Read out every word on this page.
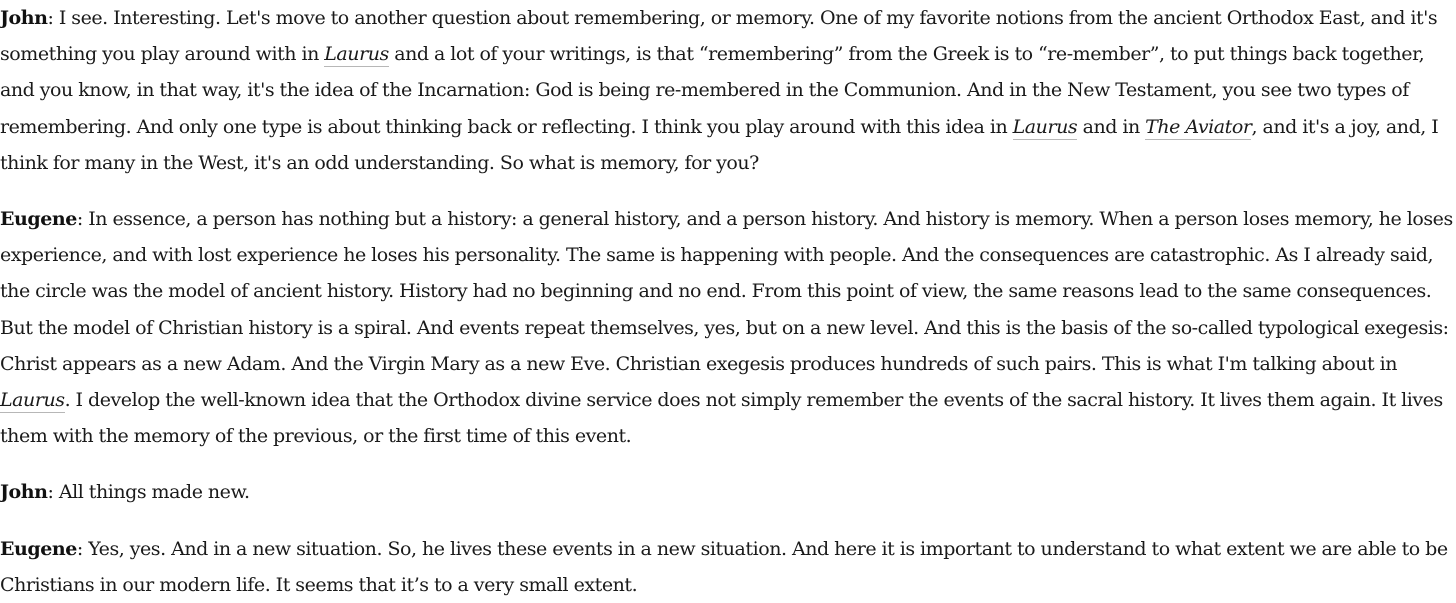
John: I see. Interesting. Let's move to another question about remembering, or memory. One of my favorite notions from the ancient Orthodox East, and it's something you play around with in Laurus and a lot of your writings, is that “remembering” from the Greek is to “re-member”, to put things back together, and you know, in that way, it's the idea of the Incarnation: God is being re-membered in the Communion. And in the New Testament, you see two types of remembering. And only one type is about thinking back or reflecting. I think you play around with this idea in Laurus and in The Aviator, and it's a joy, and, I think for many in the West, it's an odd understanding. So what is memory, for you?

Eugene: In essence, a person has nothing but a history: a general history, and a person history. And history is memory. When a person loses memory, he loses experience, and with lost experience he loses his personality. The same is happening with people. And the consequences are catastrophic. As I already said, the circle was the model of ancient history. History had no beginning and no end. From this point of view, the same reasons lead to the same consequences. But the model of Christian history is a spiral. And events repeat themselves, yes, but on a new level. And this is the basis of the so-called typological exegesis: Christ appears as a new Adam. And the Virgin Mary as a new Eve. Christian exegesis produces hundreds of such pairs. This is what I'm talking about in Laurus. I develop the well-known idea that the Orthodox divine service does not simply remember the events of the sacral history. It lives them again. It lives them with the memory of the previous, or the first time of this event.

John: All things made new.

Eugene: Yes, yes. And in a new situation. So, he lives these events in a new situation. And here it is important to understand to what extent we are able to be Christians in our modern life. It seems that it’s to a very small extent.
